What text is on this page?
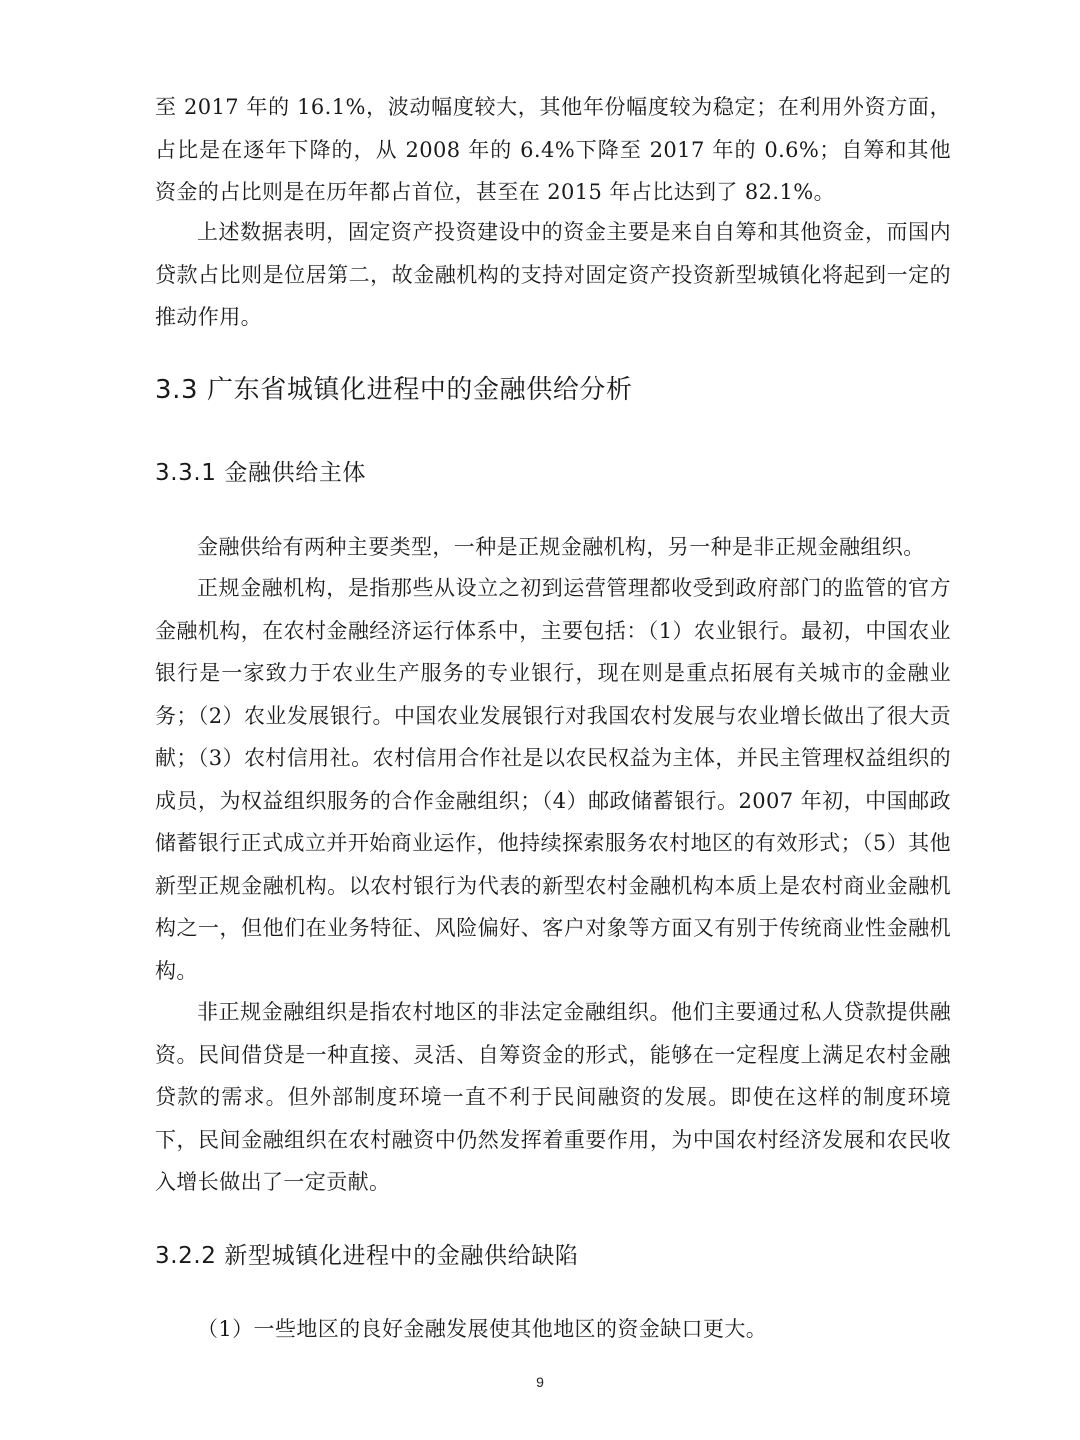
至 2017 年的 16.1%，波动幅度较大，其他年份幅度较为稳定；在利用外资方面，占比是在逐年下降的，从 2008 年的 6.4%下降至 2017 年的 0.6%；自筹和其他资金的占比则是在历年都占首位，甚至在 2015 年占比达到了 82.1%。

上述数据表明，固定资产投资建设中的资金主要是来自自筹和其他资金，而国内贷款占比则是位居第二，故金融机构的支持对固定资产投资新型城镇化将起到一定的推动作用。

3.3 广东省城镇化进程中的金融供给分析
3.3.1 金融供给主体

金融供给有两种主要类型，一种是正规金融机构，另一种是非正规金融组织。

正规金融机构，是指那些从设立之初到运营管理都收受到政府部门的监管的官方金融机构，在农村金融经济运行体系中，主要包括：（1）农业银行。最初，中国农业银行是一家致力于农业生产服务的专业银行，现在则是重点拓展有关城市的金融业务；（2）农业发展银行。中国农业发展银行对我国农村发展与农业增长做出了很大贡献；（3）农村信用社。农村信用合作社是以农民权益为主体，并民主管理权益组织的成员，为权益组织服务的合作金融组织；（4）邮政储蓄银行。2007 年初，中国邮政储蓄银行正式成立并开始商业运作，他持续探索服务农村地区的有效形式；（5）其他新型正规金融机构。以农村银行为代表的新型农村金融机构本质上是农村商业金融机构之一，但他们在业务特征、风险偏好、客户对象等方面又有别于传统商业性金融机构。

非正规金融组织是指农村地区的非法定金融组织。他们主要通过私人贷款提供融资。民间借贷是一种直接、灵活、自筹资金的形式，能够在一定程度上满足农村金融贷款的需求。但外部制度环境一直不利于民间融资的发展。即使在这样的制度环境下，民间金融组织在农村融资中仍然发挥着重要作用，为中国农村经济发展和农民收入增长做出了一定贡献。

3.2.2 新型城镇化进程中的金融供给缺陷

（1）一些地区的良好金融发展使其他地区的资金缺口更大。

9
